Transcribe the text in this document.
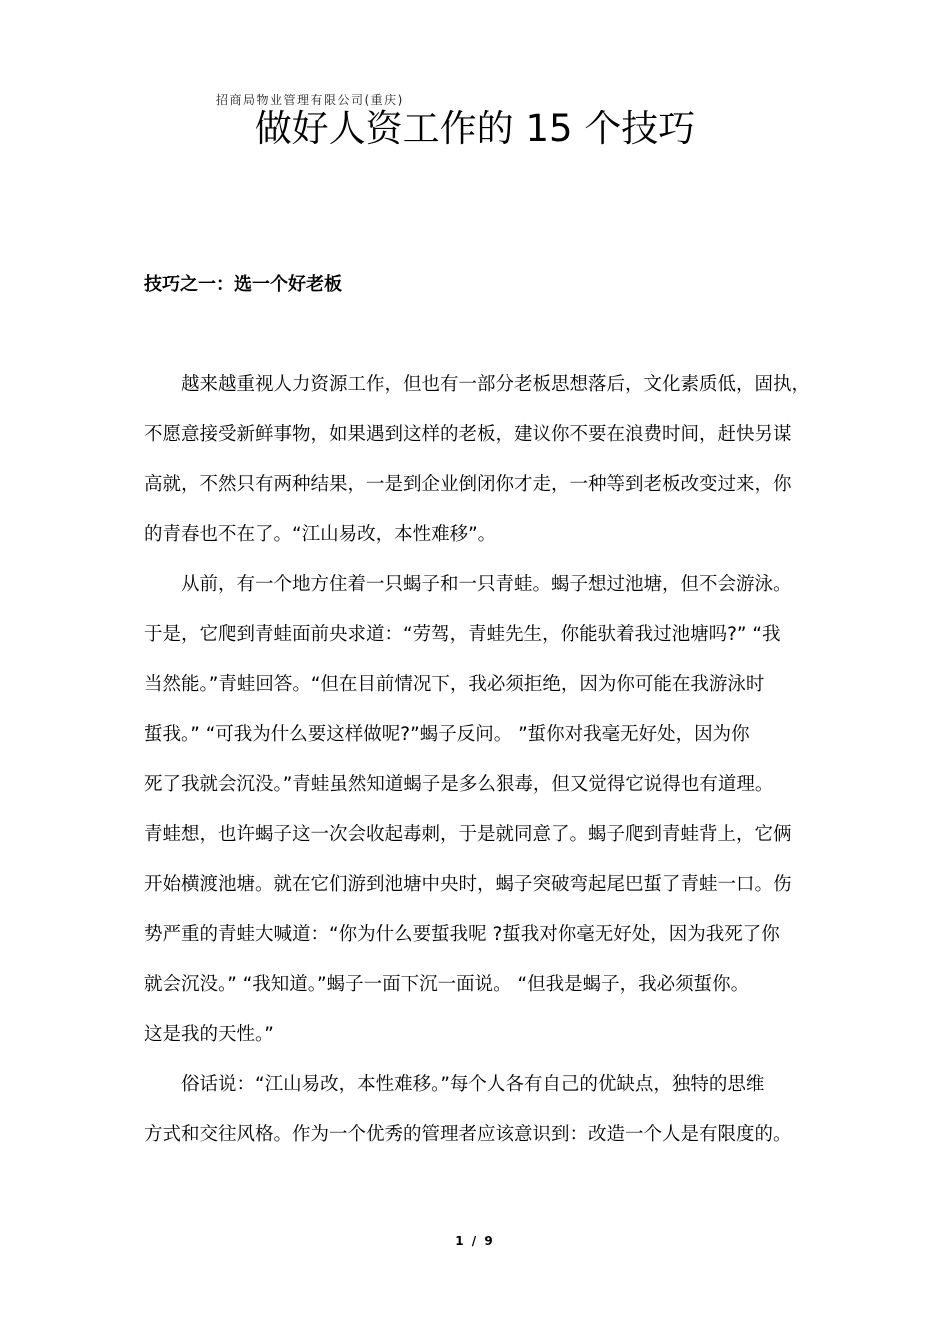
招商局物业管理有限公司(重庆)
做好人资工作的 15 个技巧
技巧之一：选一个好老板
　　越来越重视人力资源工作，但也有一部分老板思想落后，文化素质低，固执，
不愿意接受新鲜事物，如果遇到这样的老板，建议你不要在浪费时间，赶快另谋
高就，不然只有两种结果，一是到企业倒闭你才走，一种等到老板改变过来，你
的青春也不在了。“江山易改，本性难移”。
　　从前，有一个地方住着一只蝎子和一只青蛙。蝎子想过池塘，但不会游泳。
于是，它爬到青蛙面前央求道：“劳驾，青蛙先生，你能驮着我过池塘吗?” “我
当然能。”青蛙回答。“但在目前情况下，我必须拒绝，因为你可能在我游泳时
蜇我。” “可我为什么要这样做呢?”蝎子反问。 ”蜇你对我毫无好处，因为你
死了我就会沉没。”青蛙虽然知道蝎子是多么狠毒，但又觉得它说得也有道理。
青蛙想，也许蝎子这一次会收起毒刺，于是就同意了。蝎子爬到青蛙背上，它俩
开始横渡池塘。就在它们游到池塘中央时，蝎子突破弯起尾巴蜇了青蛙一口。伤
势严重的青蛙大喊道：“你为什么要蜇我呢 ?蜇我对你毫无好处，因为我死了你
就会沉没。” “我知道。”蝎子一面下沉一面说。 “但我是蝎子，我必须蜇你。
这是我的天性。”
　　俗话说：“江山易改，本性难移。”每个人各有自己的优缺点，独特的思维
方式和交往风格。作为一个优秀的管理者应该意识到：改造一个人是有限度的。
1 / 9
